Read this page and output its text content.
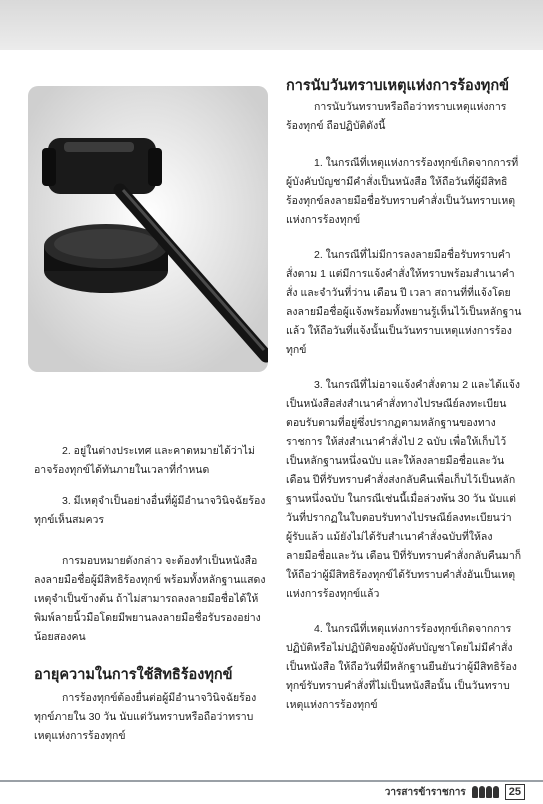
2. อยู่ในต่างประเทศ และคาดหมายได้ว่าไม่อาจร้องทุกข์ได้ทันภายในเวลาที่กำหนด

3. มีเหตุจำเป็นอย่างอื่นที่ผู้มีอำนาจวินิจฉัยร้องทุกข์เห็นสมควร

การมอบหมายดังกล่าว จะต้องทำเป็นหนังสือลงลายมือชื่อผู้มีสิทธิร้องทุกข์ พร้อมทั้งหลักฐานแสดงเหตุจำเป็นข้างต้น ถ้าไม่สามารถลงลายมือชื่อได้ให้พิมพ์ลายนิ้วมือโดยมีพยานลงลายมือชื่อรับรองอย่างน้อยสองคน

อายุความในการใช้สิทธิร้องทุกข์

การร้องทุกข์ต้องยื่นต่อผู้มีอำนาจวินิจฉัยร้องทุกข์ภายใน 30 วัน นับแต่วันทราบหรือถือว่าทราบเหตุแห่งการร้องทุกข์

การนับวันทราบเหตุแห่งการร้องทุกข์

การนับวันทราบหรือถือว่าทราบเหตุแห่งการร้องทุกข์ ถือปฏิบัติดังนี้

1. ในกรณีที่เหตุแห่งการร้องทุกข์เกิดจากการที่ผู้บังคับบัญชามีคำสั่งเป็นหนังสือ ให้ถือวันที่ผู้มีสิทธิร้องทุกข์ลงลายมือชื่อรับทราบคำสั่งเป็นวันทราบเหตุแห่งการร้องทุกข์

2. ในกรณีที่ไม่มีการลงลายมือชื่อรับทราบคำสั่งตาม 1 แต่มีการแจ้งคำสั่งให้ทราบพร้อมสำเนาคำสั่ง และจำวันที่ว่าน เดือน ปี เวลา สถานที่ที่แจ้งโดยลงลายมือชื่อผู้แจ้งพร้อมทั้งพยานรู้เห็นไว้เป็นหลักฐานแล้ว ให้ถือวันที่แจ้งนั้นเป็นวันทราบเหตุแห่งการร้องทุกข์

3. ในกรณีที่ไม่อาจแจ้งคำสั่งตาม 2 และได้แจ้งเป็นหนังสือส่งสำเนาคำสั่งทางไปรษณีย์ลงทะเบียนตอบรับตามที่อยู่ซึ่งปรากฏตามหลักฐานของทางราชการ ให้ส่งสำเนาคำสั่งไป 2 ฉบับ เพื่อให้เก็บไว้เป็นหลักฐานหนึ่งฉบับ และให้ลงลายมือชื่อและวันเดือน ปีที่รับทราบคำสั่งส่งกลับคืนเพื่อเก็บไว้เป็นหลักฐานหนึ่งฉบับ ในกรณีเช่นนี้เมื่อล่วงพ้น 30 วัน นับแต่วันที่ปรากฏในใบตอบรับทางไปรษณีย์ลงทะเบียนว่าผู้รับแล้ว แม้ยังไม่ได้รับสำเนาคำสั่งฉบับที่ให้ลงลายมือชื่อและวัน เดือน ปีที่รับทราบคำสั่งกลับคืนมาก็ให้ถือว่าผู้มีสิทธิร้องทุกข์ได้รับทราบคำสั่งอันเป็นเหตุแห่งการร้องทุกข์แล้ว

4. ในกรณีที่เหตุแห่งการร้องทุกข์เกิดจากการปฏิบัติหรือไม่ปฏิบัติของผู้บังคับบัญชาโดยไม่มีคำสั่งเป็นหนังสือ ให้ถือวันที่มีหลักฐานยืนยันว่าผู้มีสิทธิร้องทุกข์รับทราบคำสั่งที่ไม่เป็นหนังสือนั้น เป็นวันทราบเหตุแห่งการร้องทุกข์

วารสารข้าราชการ	25
